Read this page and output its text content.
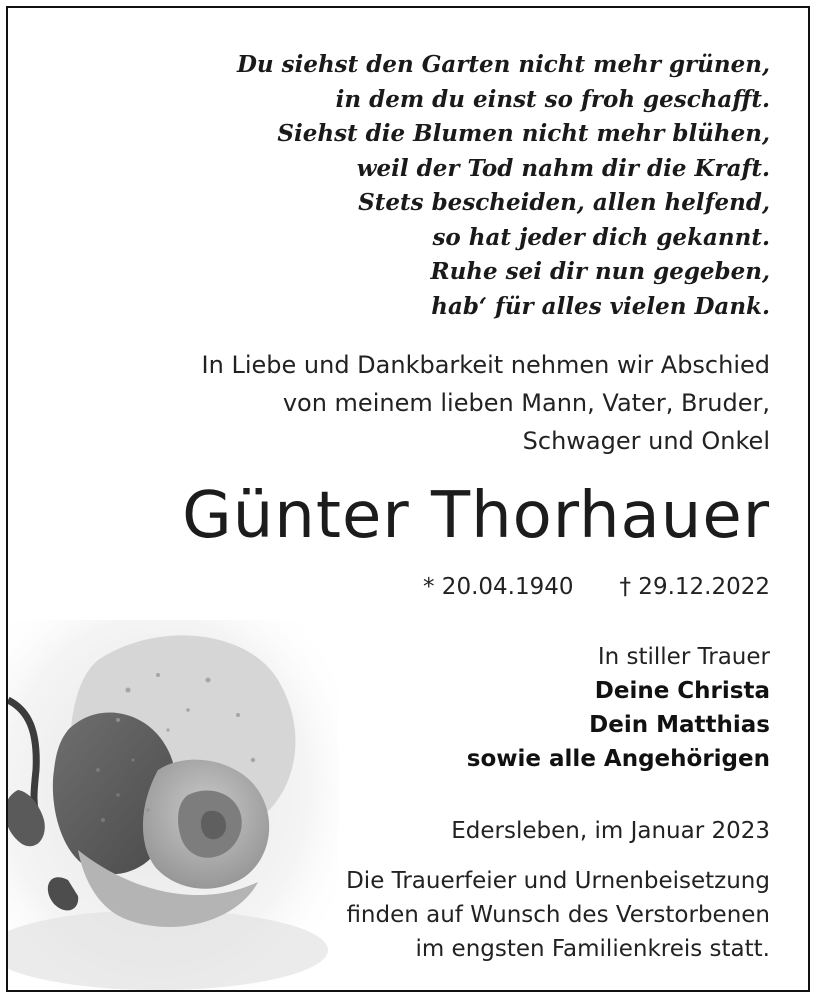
Du siehst den Garten nicht mehr grünen,
in dem du einst so froh geschafft.
Siehst die Blumen nicht mehr blühen,
weil der Tod nahm dir die Kraft.
Stets bescheiden, allen helfend,
so hat jeder dich gekannt.
Ruhe sei dir nun gegeben,
hab‘ für alles vielen Dank.
In Liebe und Dankbarkeit nehmen wir Abschied
von meinem lieben Mann, Vater, Bruder,
Schwager und Onkel
Günter Thorhauer
* 20.04.1940 † 29.12.2022
In stiller Trauer
Deine Christa
Dein Matthias
sowie alle Angehörigen
Edersleben, im Januar 2023
Die Trauerfeier und Urnenbeisetzung
finden auf Wunsch des Verstorbenen
im engsten Familienkreis statt.
